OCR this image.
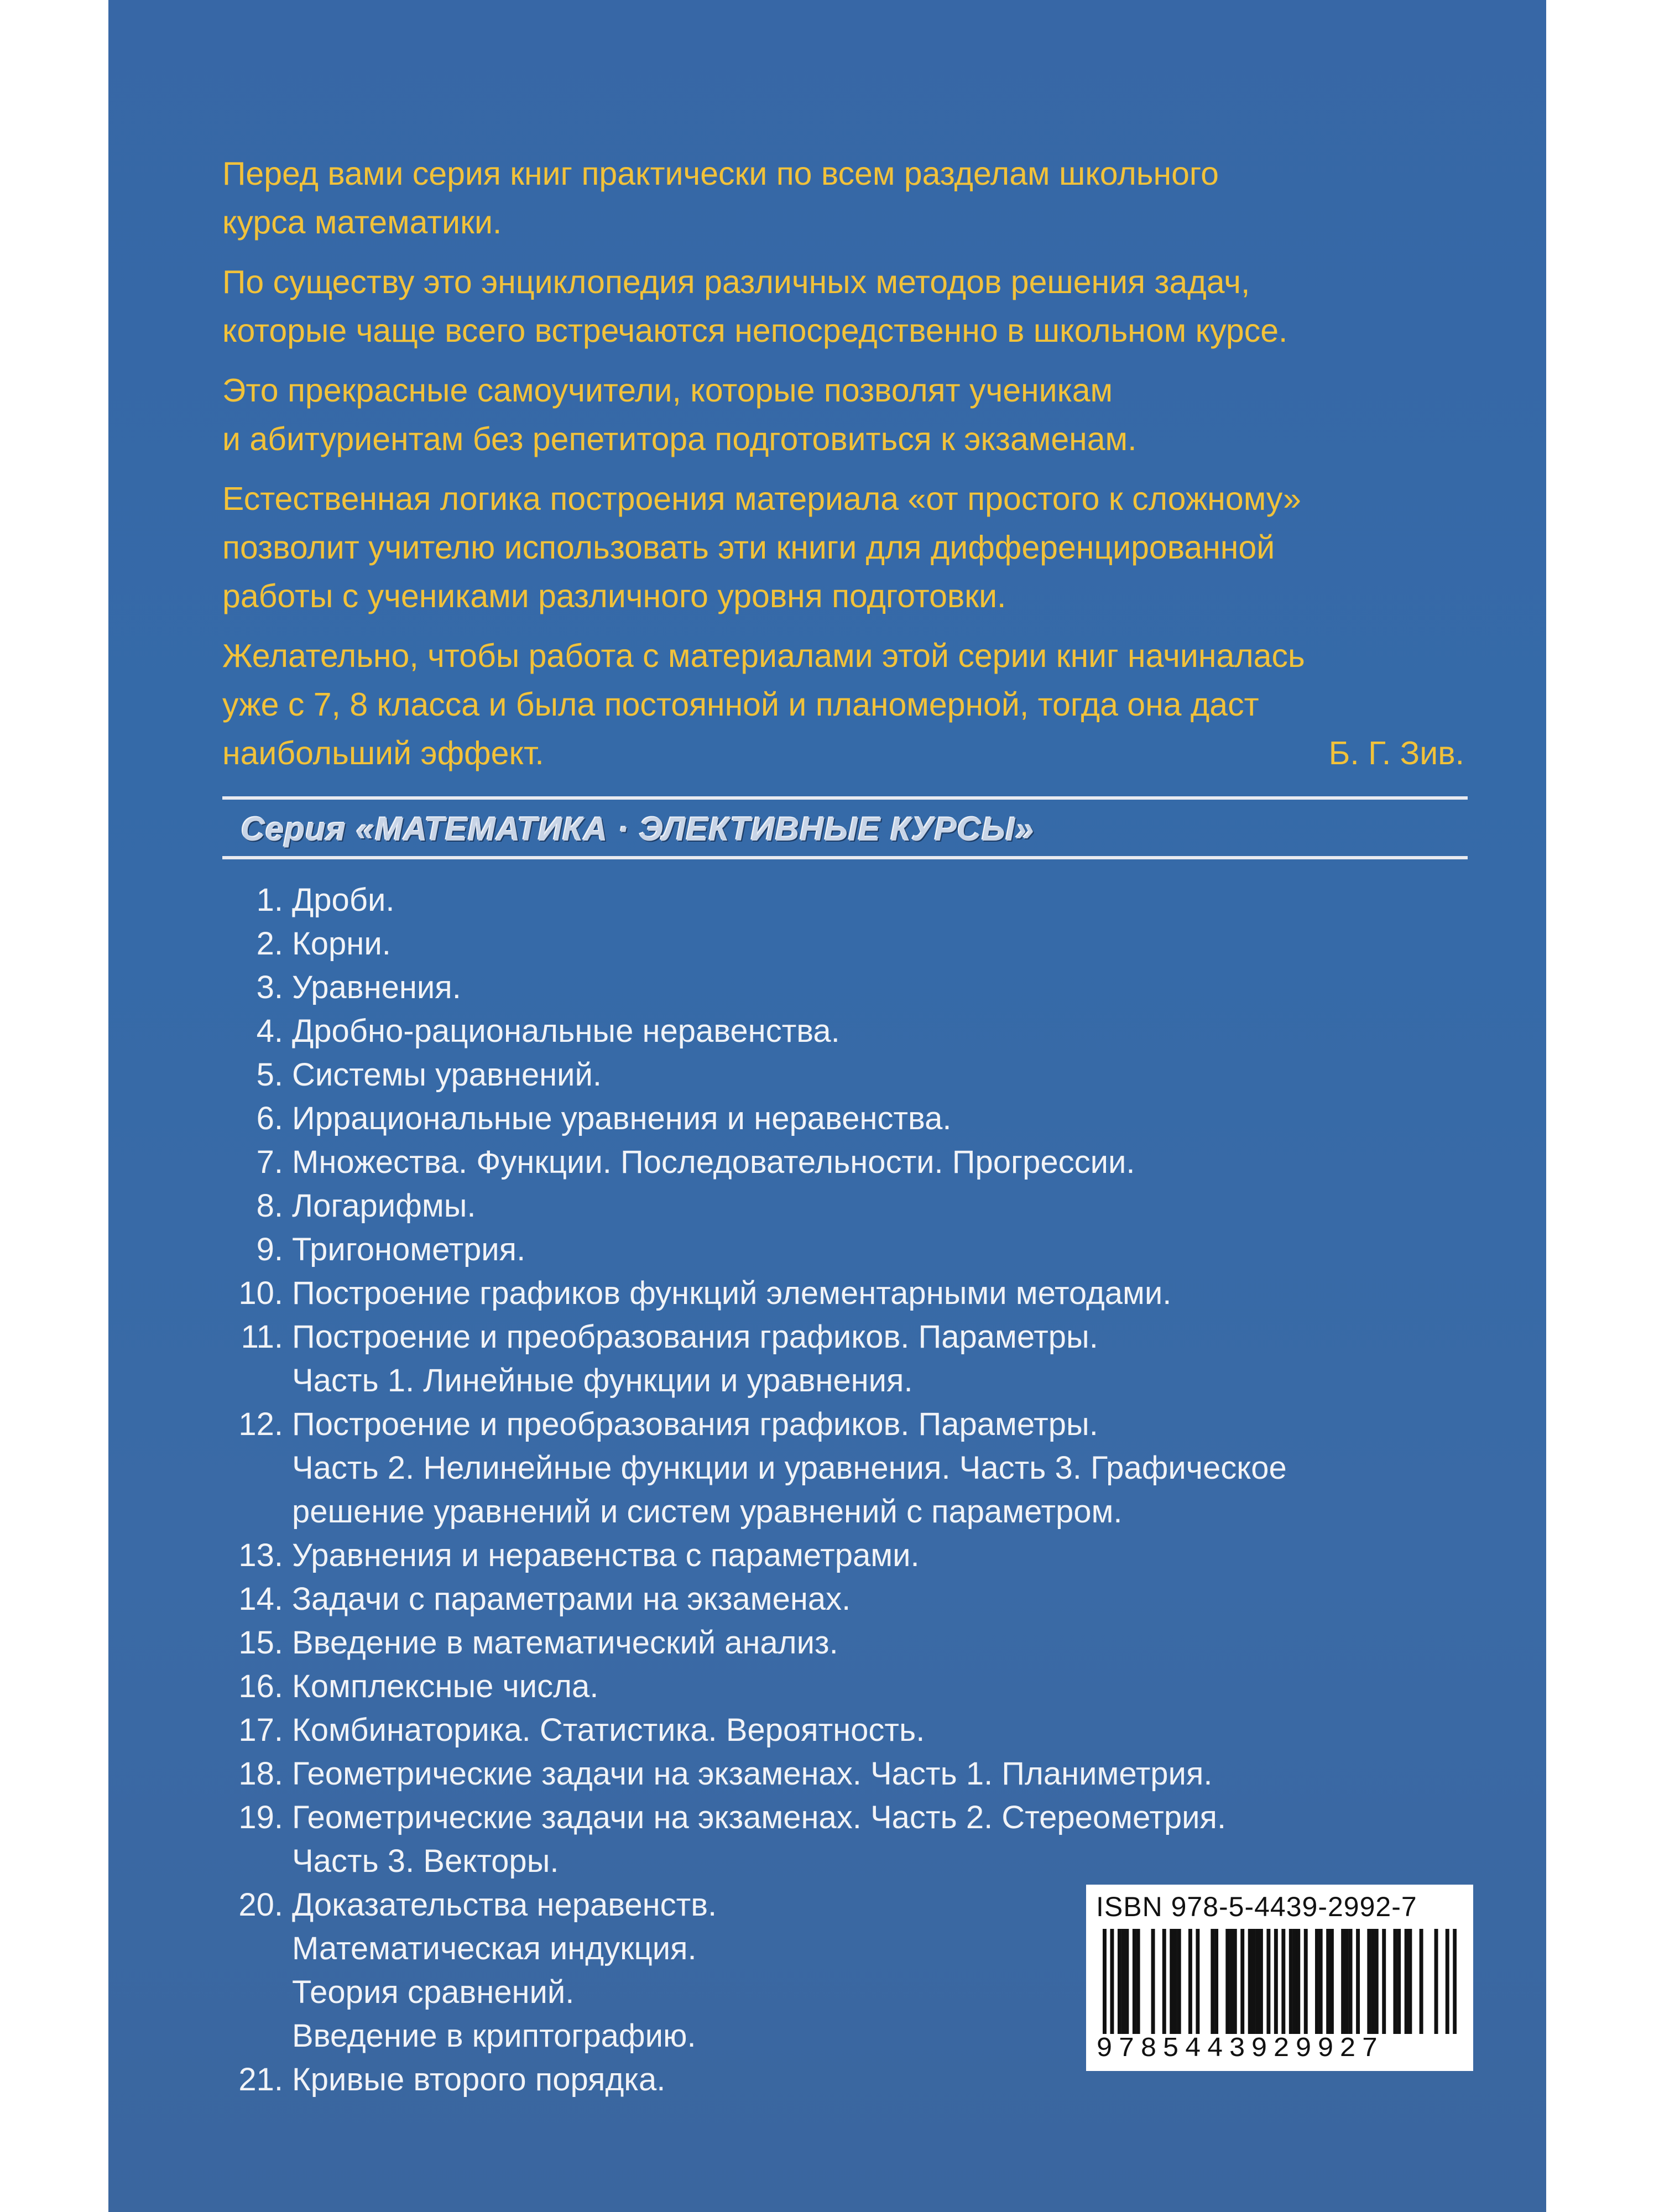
Перед вами серия книг практически по всем разделам школьного
курса математики.

По существу это энциклопедия различных методов решения задач,
которые чаще всего встречаются непосредственно в школьном курсе.

Это прекрасные самоучители, которые позволят ученикам
и абитуриентам без репетитора подготовиться к экзаменам.

Естественная логика построения материала «от простого к сложному»
позволит учителю использовать эти книги для дифференцированной
работы с учениками различного уровня подготовки.

Желательно, чтобы работа с материалами этой серии книг начиналась
уже с 7, 8 класса и была постоянной и планомерной, тогда она даст
наибольший эффект.	Б. Г. Зив.
Серия «МАТЕМАТИКА · ЭЛЕКТИВНЫЕ КУРСЫ»
1. Дроби.
2. Корни.
3. Уравнения.
4. Дробно-рациональные неравенства.
5. Системы уравнений.
6. Иррациональные уравнения и неравенства.
7. Множества. Функции. Последовательности. Прогрессии.
8. Логарифмы.
9. Тригонометрия.
10. Построение графиков функций элементарными методами.
11. Построение и преобразования графиков. Параметры.
Часть 1. Линейные функции и уравнения.
12. Построение и преобразования графиков. Параметры.
Часть 2. Нелинейные функции и уравнения. Часть 3. Графическое
решение уравнений и систем уравнений с параметром.
13. Уравнения и неравенства с параметрами.
14. Задачи с параметрами на экзаменах.
15. Введение в математический анализ.
16. Комплексные числа.
17. Комбинаторика. Статистика. Вероятность.
18. Геометрические задачи на экзаменах. Часть 1. Планиметрия.
19. Геометрические задачи на экзаменах. Часть 2. Стереометрия.
Часть 3. Векторы.
20. Доказательства неравенств.
Математическая индукция.
Теория сравнений.
Введение в криптографию.
21. Кривые второго порядка.
ISBN 978-5-4439-2992-7
9785443929927
